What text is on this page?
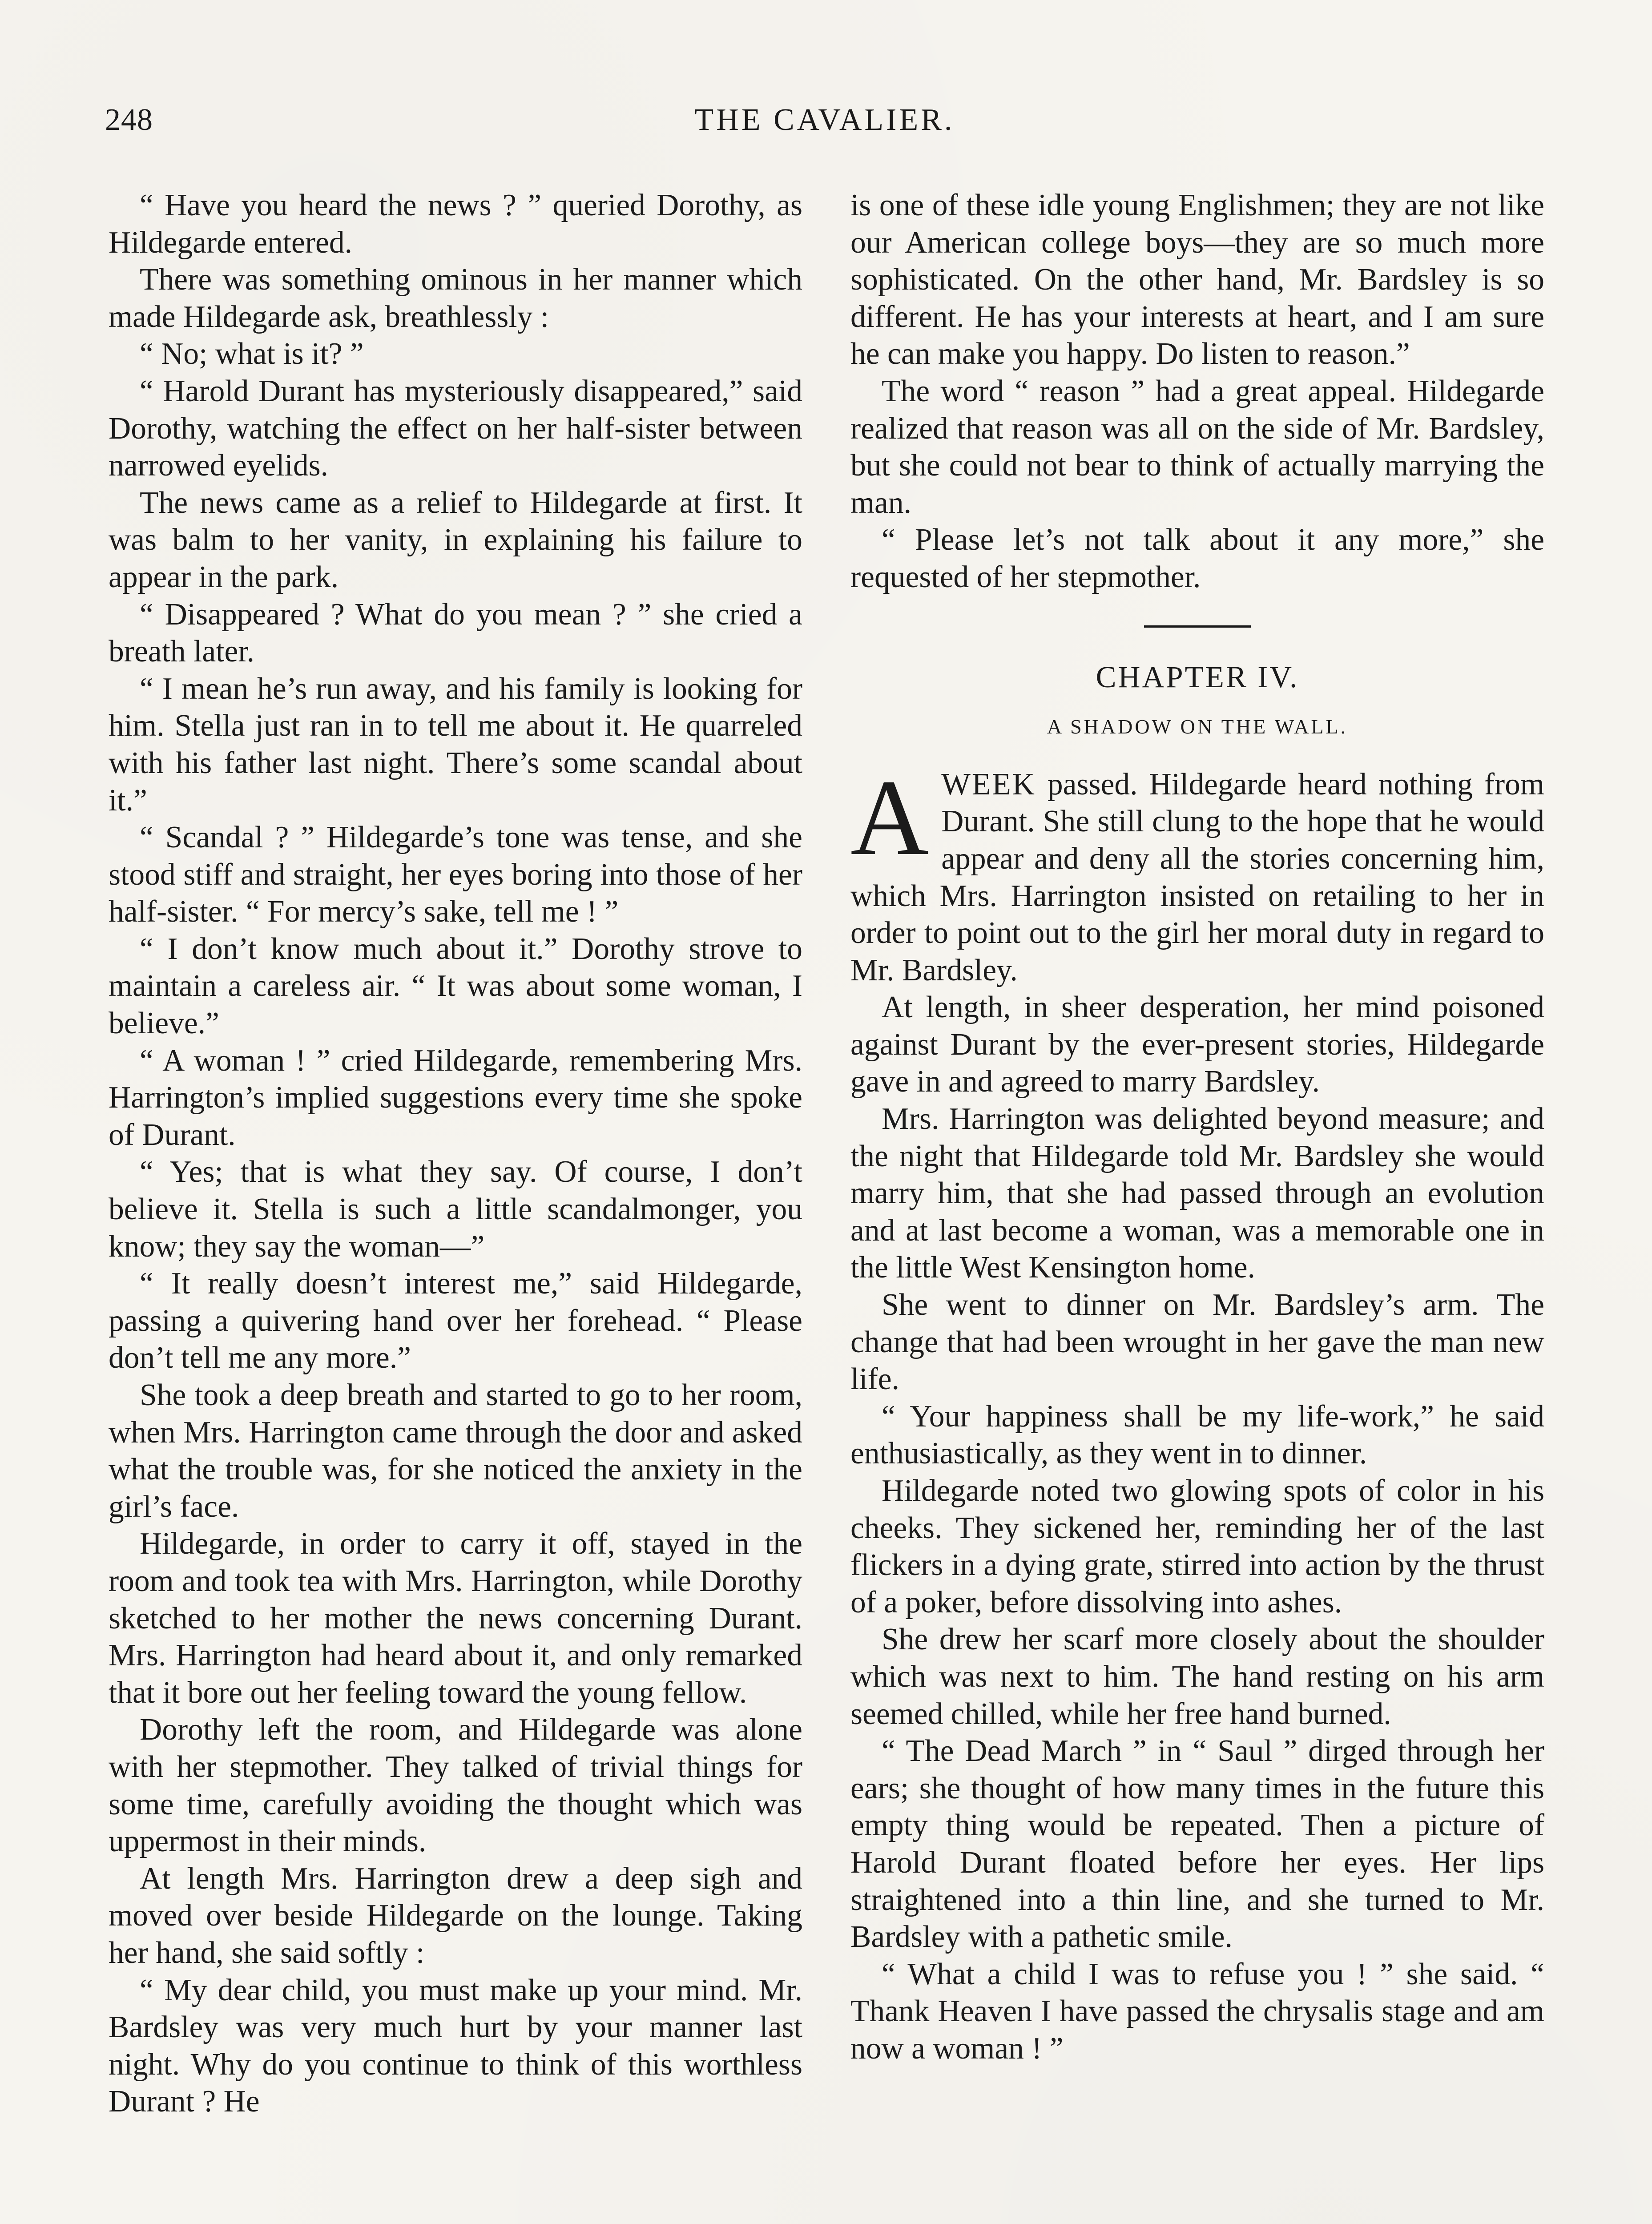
248	THE CAVALIER.

“ Have you heard the news ? ” queried Dorothy, as Hildegarde entered.

There was something ominous in her manner which made Hildegarde ask, breathlessly :

“ No; what is it? ”

“ Harold Durant has mysteriously disappeared,” said Dorothy, watching the effect on her half-sister between narrowed eyelids.

The news came as a relief to Hildegarde at first. It was balm to her vanity, in explaining his failure to appear in the park.

“ Disappeared ? What do you mean ? ” she cried a breath later.

“ I mean he’s run away, and his family is looking for him. Stella just ran in to tell me about it. He quarreled with his father last night. There’s some scandal about it.”

“ Scandal ? ” Hildegarde’s tone was tense, and she stood stiff and straight, her eyes boring into those of her half-sister. “ For mercy’s sake, tell me ! ”

“ I don’t know much about it.” Dorothy strove to maintain a careless air. “ It was about some woman, I believe.”

“ A woman ! ” cried Hildegarde, remembering Mrs. Harrington’s implied suggestions every time she spoke of Durant.

“ Yes; that is what they say. Of course, I don’t believe it. Stella is such a little scandalmonger, you know; they say the woman—”

“ It really doesn’t interest me,” said Hildegarde, passing a quivering hand over her forehead. “ Please don’t tell me any more.”

She took a deep breath and started to go to her room, when Mrs. Harrington came through the door and asked what the trouble was, for she noticed the anxiety in the girl’s face.

Hildegarde, in order to carry it off, stayed in the room and took tea with Mrs. Harrington, while Dorothy sketched to her mother the news concerning Durant. Mrs. Harrington had heard about it, and only remarked that it bore out her feeling toward the young fellow.

Dorothy left the room, and Hildegarde was alone with her stepmother. They talked of trivial things for some time, carefully avoiding the thought which was uppermost in their minds.

At length Mrs. Harrington drew a deep sigh and moved over beside Hildegarde on the lounge. Taking her hand, she said softly :

“ My dear child, you must make up your mind. Mr. Bardsley was very much hurt by your manner last night. Why do you continue to think of this worthless Durant ? He

is one of these idle young Englishmen; they are not like our American college boys—they are so much more sophisticated. On the other hand, Mr. Bardsley is so different. He has your interests at heart, and I am sure he can make you happy. Do listen to reason.”

The word “ reason ” had a great appeal. Hildegarde realized that reason was all on the side of Mr. Bardsley, but she could not bear to think of actually marrying the man.

“ Please let’s not talk about it any more,” she requested of her stepmother.

CHAPTER IV.
A SHADOW ON THE WALL.

AWEEK passed. Hildegarde heard nothing from Durant. She still clung to the hope that he would appear and deny all the stories concerning him, which Mrs. Harrington insisted on retailing to her in order to point out to the girl her moral duty in regard to Mr. Bardsley.

At length, in sheer desperation, her mind poisoned against Durant by the ever-present stories, Hildegarde gave in and agreed to marry Bardsley.

Mrs. Harrington was delighted beyond measure; and the night that Hildegarde told Mr. Bardsley she would marry him, that she had passed through an evolution and at last become a woman, was a memorable one in the little West Kensington home.

She went to dinner on Mr. Bardsley’s arm. The change that had been wrought in her gave the man new life.

“ Your happiness shall be my life-work,” he said enthusiastically, as they went in to dinner.

Hildegarde noted two glowing spots of color in his cheeks. They sickened her, reminding her of the last flickers in a dying grate, stirred into action by the thrust of a poker, before dissolving into ashes.

She drew her scarf more closely about the shoulder which was next to him. The hand resting on his arm seemed chilled, while her free hand burned.

“ The Dead March ” in “ Saul ” dirged through her ears; she thought of how many times in the future this empty thing would be repeated. Then a picture of Harold Durant floated before her eyes. Her lips straightened into a thin line, and she turned to Mr. Bardsley with a pathetic smile.

“ What a child I was to refuse you ! ” she said. “ Thank Heaven I have passed the chrysalis stage and am now a woman ! ”
